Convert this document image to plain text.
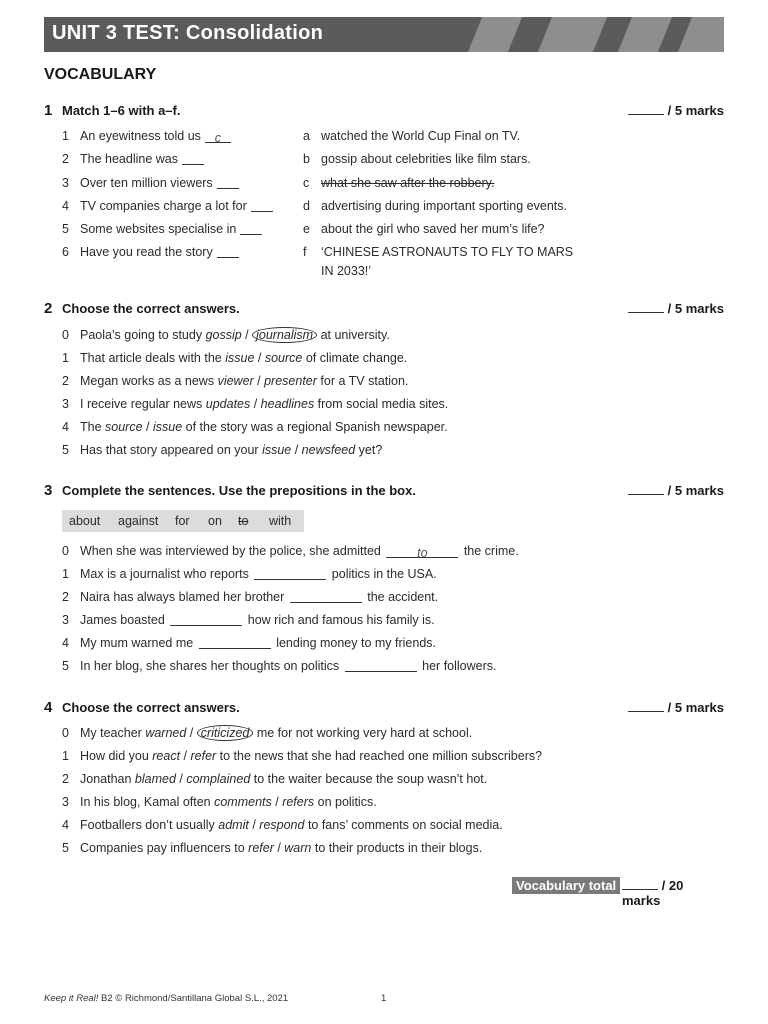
UNIT 3 TEST: Consolidation
VOCABULARY
1 Match 1–6 with a–f.	/ 5 marks
1 An eyewitness told us c
2 The headline was
3 Over ten million viewers
4 TV companies charge a lot for
5 Some websites specialise in
6 Have you read the story
a watched the World Cup Final on TV.
b gossip about celebrities like film stars.
c what she saw after the robbery.
d advertising during important sporting events.
e about the girl who saved her mum’s life?
f	‘CHINESE ASTRONAUTS TO FLY TO MARS
IN 2033!’
2 Choose the correct answers.	/ 5 marks
0 Paola’s going to study gossip / journalism at university.
1 That article deals with the issue / source of climate change.
2 Megan works as a news viewer / presenter for a TV station.
3 I receive regular news updates / headlines from social media sites.
4 The source / issue of the story was a regional Spanish newspaper.
5 Has that story appeared on your issue / newsfeed yet?
3 Complete the sentences. Use the prepositions in the box.	/ 5 marks
about against for on to with
0 When she was interviewed by the police, she admitted	to	the crime.
1 Max is a journalist who reports	politics in the USA.
2 Naira has always blamed her brother	the accident.
3 James boasted	how rich and famous his family is.
4 My mum warned me	lending money to my friends.
5 In her blog, she shares her thoughts on politics	her followers.
4 Choose the correct answers.	/ 5 marks
0 My teacher warned / criticized me for not working very hard at school.
1 How did you react / refer to the news that she had reached one million subscribers?
2 Jonathan blamed / complained to the waiter because the soup wasn’t hot.
3 In his blog, Kamal often comments / refers on politics.
4 Footballers don’t usually admit / respond to fans’ comments on social media.
5 Companies pay influencers to refer / warn to their products in their blogs.
Vocabulary total	/ 20 marks
Keep it Real! B2 © Richmond/Santillana Global S.L., 2021	1
